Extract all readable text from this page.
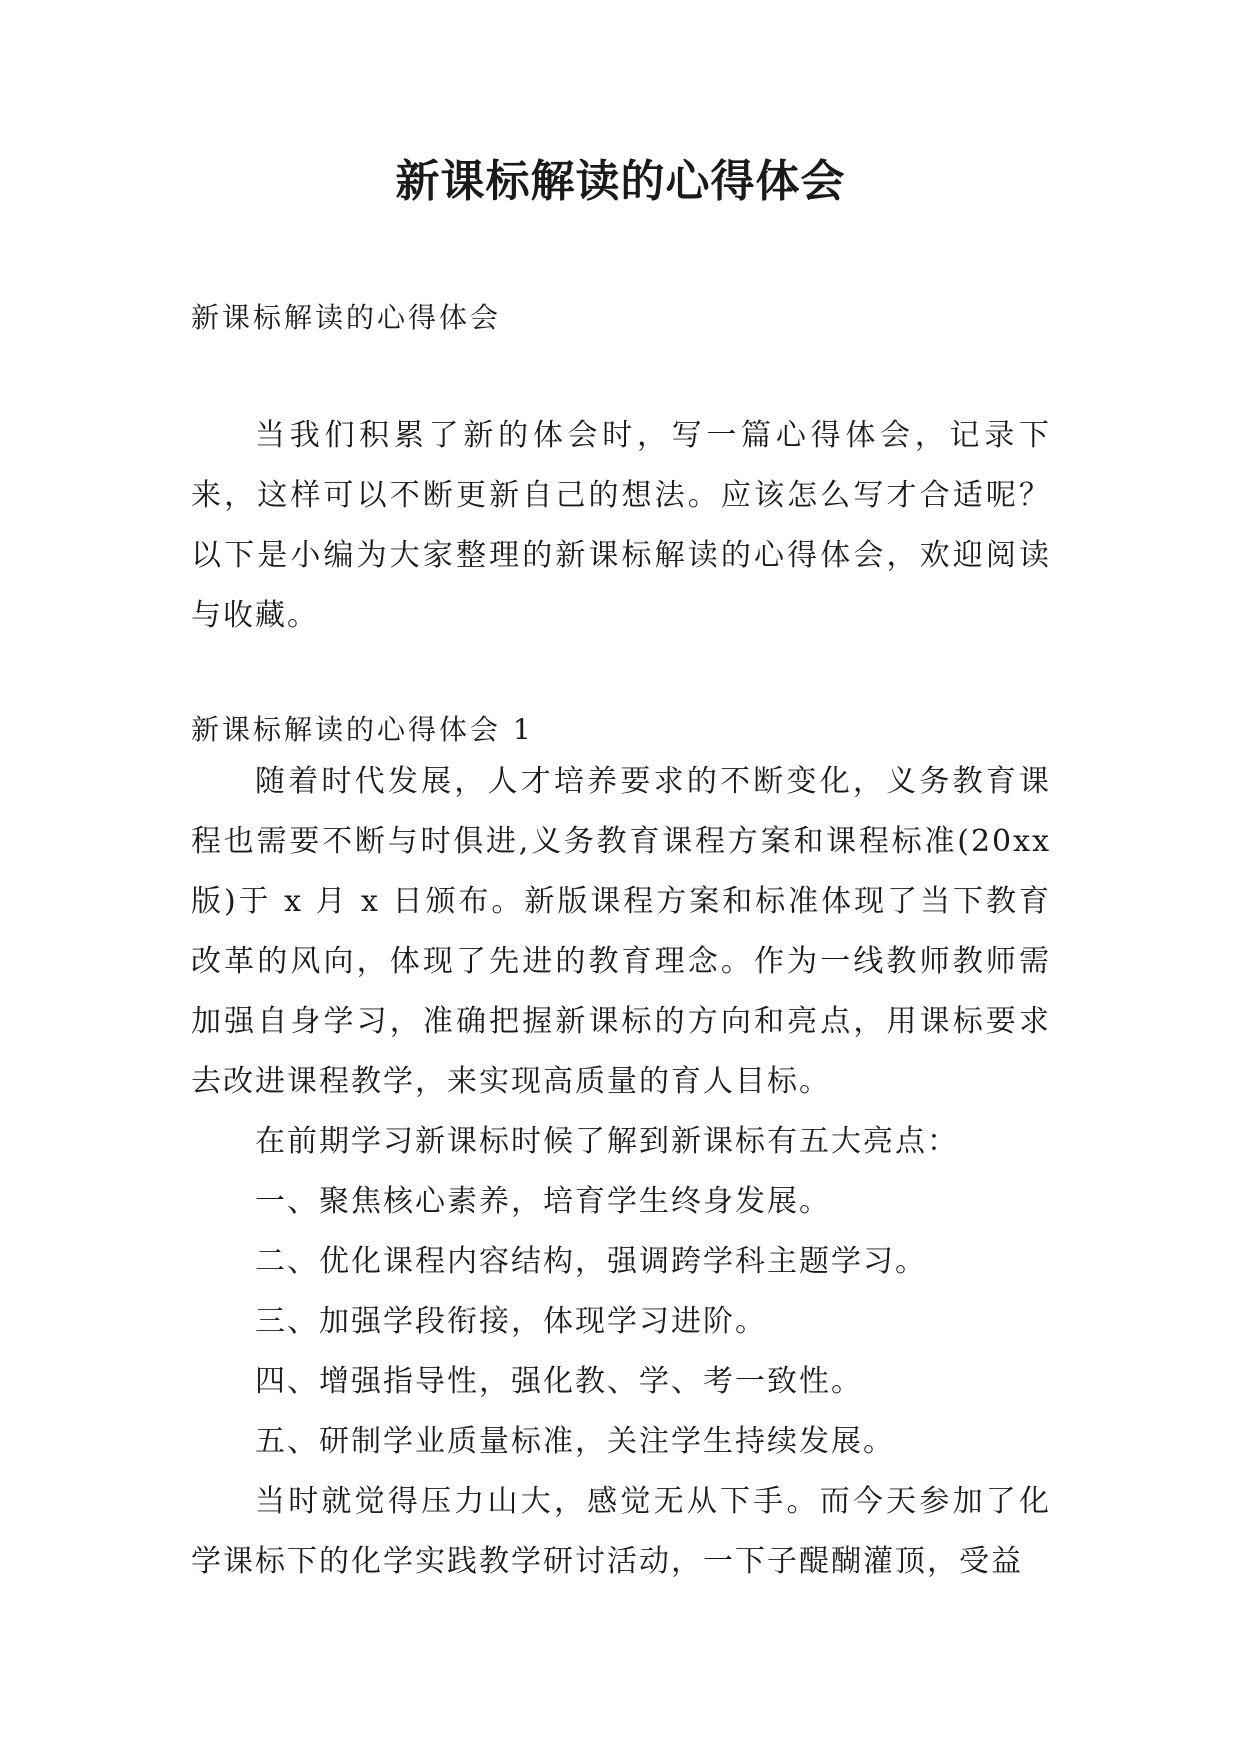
新课标解读的心得体会
新课标解读的心得体会

当我们积累了新的体会时，写一篇心得体会，记录下来，这样可以不断更新自己的想法。应该怎么写才合适呢？以下是小编为大家整理的新课标解读的心得体会，欢迎阅读与收藏。

新课标解读的心得体会 1

随着时代发展，人才培养要求的不断变化，义务教育课程也需要不断与时俱进,义务教育课程方案和课程标准(20xx版)于 x 月 x 日颁布。新版课程方案和标准体现了当下教育改革的风向，体现了先进的教育理念。作为一线教师教师需加强自身学习，准确把握新课标的方向和亮点，用课标要求去改进课程教学，来实现高质量的育人目标。

在前期学习新课标时候了解到新课标有五大亮点：

一、聚焦核心素养，培育学生终身发展。

二、优化课程内容结构，强调跨学科主题学习。

三、加强学段衔接，体现学习进阶。

四、增强指导性，强化教、学、考一致性。

五、研制学业质量标准，关注学生持续发展。

当时就觉得压力山大，感觉无从下手。而今天参加了化学课标下的化学实践教学研讨活动，一下子醍醐灌顶，受益
